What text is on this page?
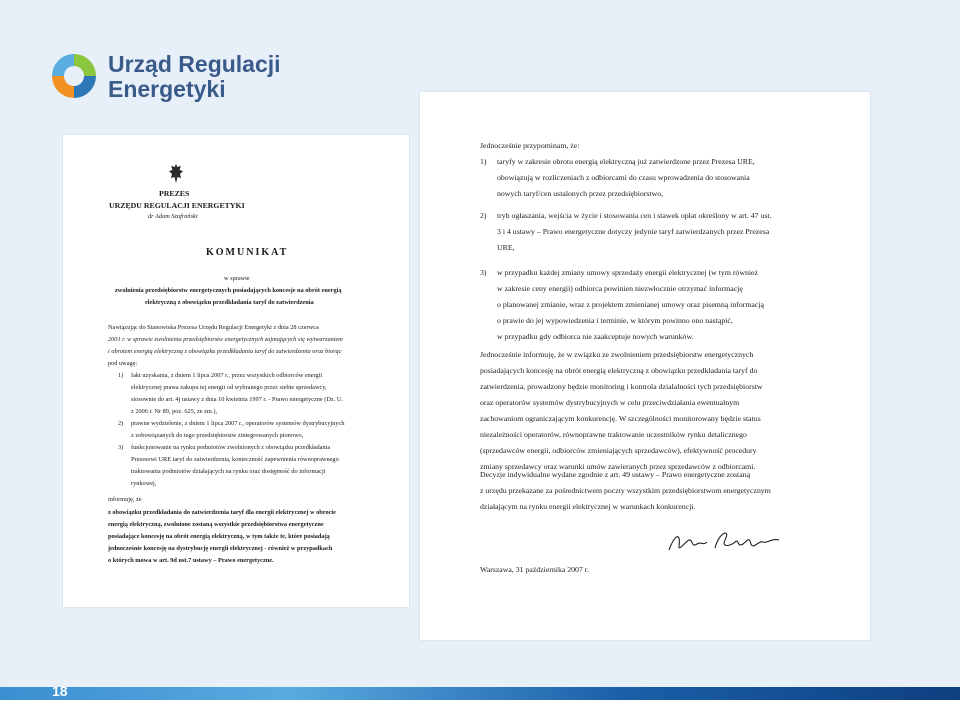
Urząd Regulacji
Energetyki

PREZES

URZĘDU REGULACJI ENERGETYKI

dr Adam Szafrański

KOMUNIKAT

w sprawie

zwolnienia przedsiębiorstw energetycznych posiadających koncesje na obrót energią

elektryczną z obowiązku przedkładania taryf do zatwierdzenia

Nawiązując do Stanowiska Prezesa Urzędu Regulacji Energetyki z dnia 28 czerwca

2001 r. w sprawie zwolnienia przedsiębiorstw energetycznych zajmujących się wytwarzaniem

i obrotem energią elektryczną z obowiązku przedkładania taryf do zatwierdzenia oraz biorąc

pod uwagę:

1) fakt uzyskania, z dniem 1 lipca 2007 r., przez wszystkich odbiorców energii

elektrycznej prawa zakupu tej energii od wybranego przez siebie sprzedawcy,

stosownie do art. 4j ustawy z dnia 10 kwietnia 1997 r. - Prawo energetyczne (Dz. U.

z 2006 r. Nr 89, poz. 625, ze zm.),

2) prawne wydzielenie, z dniem 1 lipca 2007 r., operatorów systemów dystrybucyjnych

z zobowiązanych do tego przedsiębiorstw zintegrowanych pionowo,

3) funkcjonowanie na rynku podmiotów zwolnionych z obowiązku przedkładania

Prezesowi URE taryf do zatwierdzenia, konieczność zapewnienia równoprawnego

traktowania podmiotów działających na rynku oraz dostępność do informacji

rynkowej,

informuję, że

z obowiązku przedkładania do zatwierdzenia taryf dla energii elektrycznej w obrocie

energią elektryczną, zwolnione zostaną wszystkie przedsiębiorstwa energetyczne

posiadające koncesję na obrót energią elektryczną, w tym także te, które posiadają

jednocześnie koncesję na dystrybucję energii elektrycznej - również w przypadkach

o których mowa w art. 9d ust.7 ustawy – Prawo energetyczne.

Jednocześnie przypominam, że:

1) taryfy w zakresie obrotu energią elektryczną już zatwierdzone przez Prezesa URE,

obowiązują w rozliczeniach z odbiorcami do czasu wprowadzenia do stosowania

nowych taryf/cen ustalonych przez przedsiębiorstwo,

2) tryb ogłaszania, wejścia w życie i stosowania cen i stawek opłat określony w art. 47 ust.

3 i 4 ustawy – Prawo energetyczne dotyczy jedynie taryf zatwierdzanych przez Prezesa

URE,

3) w przypadku każdej zmiany umowy sprzedaży energii elektrycznej (w tym również

w zakresie ceny energii) odbiorca powinien niezwłocznie otrzymać informację

o planowanej zmianie, wraz z projektem zmienianej umowy oraz pisemną informacją

o prawie do jej wypowiedzenia i terminie, w którym powinno ono nastąpić,

w przypadku gdy odbiorca nie zaakceptuje nowych warunków.

Jednocześnie informuję, że w związku ze zwolnieniem przedsiębiorstw energetycznych

posiadających koncesję na obrót energią elektryczną z obowiązku przedkładania taryf do

zatwierdzenia, prowadzony będzie monitoring i kontrola działalności tych przedsiębiorstw

oraz operatorów systemów dystrybucyjnych w celu przeciwdziałania ewentualnym

zachowaniom ograniczającym konkurencję. W szczególności monitorowany będzie status

niezależności operatorów, równoprawne traktowanie uczestników rynku detalicznego

(sprzedawców energii, odbiorców zmieniających sprzedawców), efektywność procedury

zmiany sprzedawcy oraz warunki umów zawieranych przez sprzedawców z odbiorcami.

Decyzje indywidualne wydane zgodnie z art. 49 ustawy – Prawo energetyczne zostaną

z urzędu przekazane za pośrednictwem poczty wszystkim przedsiębiorstwom energetycznym

działającym na rynku energii elektrycznej w warunkach konkurencji.

Warszawa, 31 października 2007 r.

18
